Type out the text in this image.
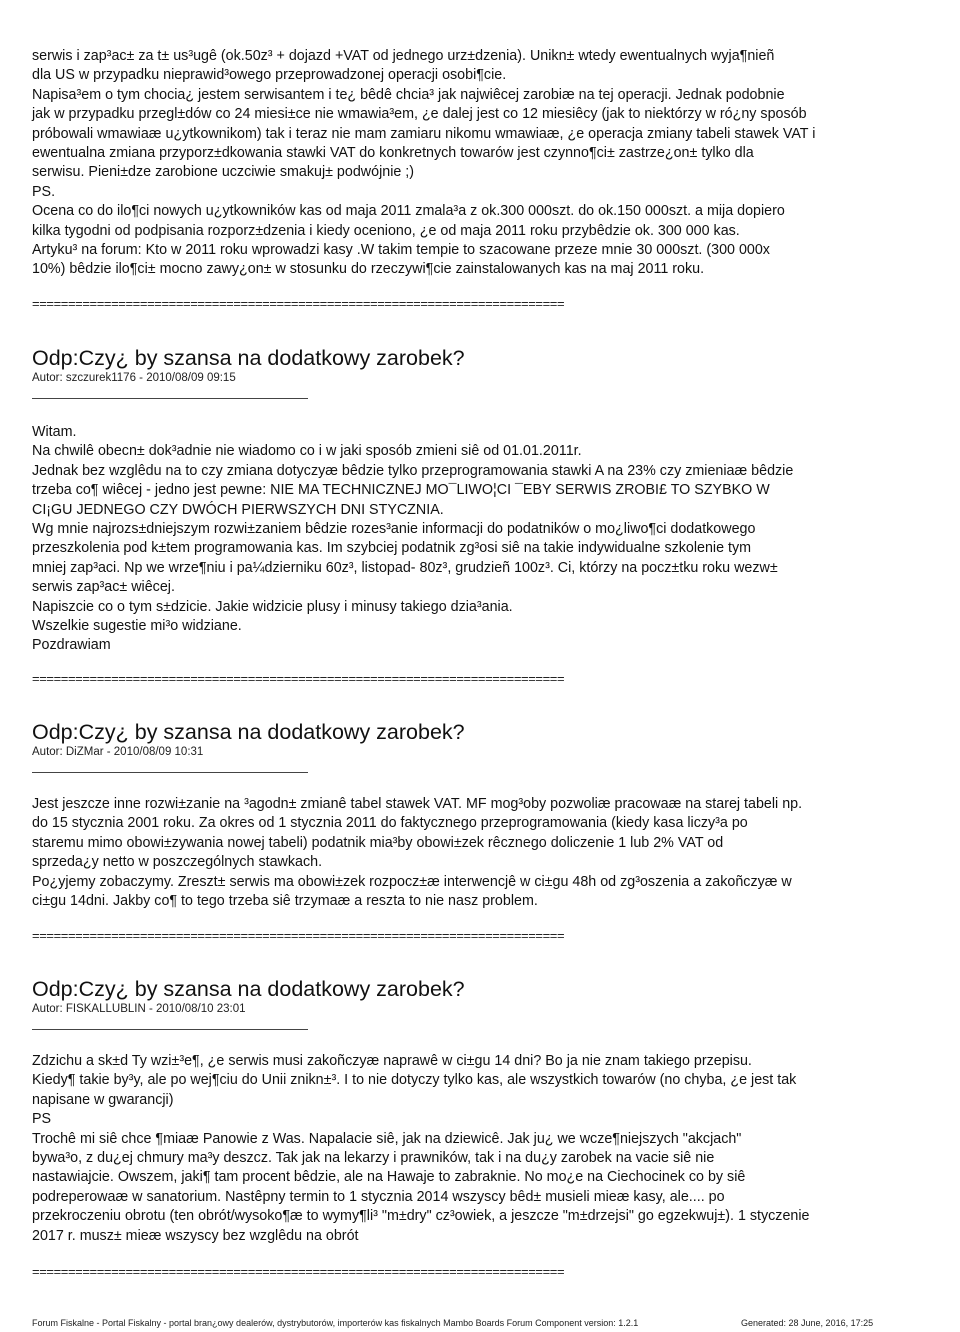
serwis i zap³ac± za t± us³ugê (ok.50z³ + dojazd +VAT od jednego urz±dzenia). Unikn± wtedy ewentualnych wyja¶nieñ
dla US w przypadku nieprawid³owego przeprowadzonej operacji osobi¶cie.
Napisa³em o tym chocia¿ jestem serwisantem i te¿ bêdê chcia³ jak najwiêcej zarobiæ na tej operacji. Jednak podobnie
jak w przypadku przegl±dów co 24 miesi±ce nie wmawia³em, ¿e dalej jest co 12 miesiêcy (jak to niektórzy w ró¿ny sposób
próbowali wmawiaæ u¿ytkownikom) tak i teraz nie mam zamiaru nikomu wmawiaæ, ¿e operacja zmiany tabeli stawek VAT i
ewentualna zmiana przyporz±dkowania stawki VAT do konkretnych towarów jest czynno¶ci± zastrze¿on± tylko dla
serwisu. Pieni±dze zarobione uczciwie smakuj± podwójnie ;)
PS.
Ocena co do ilo¶ci nowych u¿ytkowników kas od maja 2011 zmala³a z ok.300 000szt. do ok.150 000szt. a mija dopiero
kilka tygodni od podpisania rozporz±dzenia i kiedy oceniono, ¿e od maja 2011 roku przybêdzie ok. 300 000 kas.
Artyku³ na forum: Kto w 2011 roku wprowadzi kasy .W takim tempie to szacowane przeze mnie 30 000szt. (300 000x
10%) bêdzie ilo¶ci± mocno zawy¿on± w stosunku do rzeczywi¶cie zainstalowanych kas na maj 2011 roku.
==========================================================================
Odp:Czy¿ by szansa na dodatkowy zarobek?

Autor: szczurek1176 - 2010/08/09 09:15

Witam.
Na chwilê obecn± dok³adnie nie wiadomo co i w jaki sposób zmieni siê od 01.01.2011r.
Jednak bez wzglêdu na to czy zmiana dotyczyæ bêdzie tylko przeprogramowania stawki A na 23% czy zmieniaæ bêdzie
trzeba co¶ wiêcej - jedno jest pewne: NIE MA TECHNICZNEJ MO¯LIWO¦CI ¯EBY SERWIS ZROBI£ TO SZYBKO W
CI¡GU JEDNEGO CZY DWÓCH PIERWSZYCH DNI STYCZNIA.
Wg mnie najrozs±dniejszym rozwi±zaniem bêdzie rozes³anie informacji do podatników o mo¿liwo¶ci dodatkowego
przeszkolenia pod k±tem programowania kas. Im szybciej podatnik zg³osi siê na takie indywidualne szkolenie tym
mniej zap³aci. Np we wrze¶niu i pa¼dzierniku 60z³, listopad- 80z³, grudzieñ 100z³. Ci, którzy na pocz±tku roku wezw±
serwis zap³ac± wiêcej.
Napiszcie co o tym s±dzicie. Jakie widzicie plusy i minusy takiego dzia³ania.
Wszelkie sugestie mi³o widziane.
Pozdrawiam
==========================================================================
Odp:Czy¿ by szansa na dodatkowy zarobek?

Autor: DiZMar - 2010/08/09 10:31

Jest jeszcze inne rozwi±zanie na ³agodn± zmianê tabel stawek VAT. MF mog³oby pozwoliæ pracowaæ na starej tabeli np.
do 15 stycznia 2001 roku. Za okres od 1 stycznia 2011 do faktycznego przeprogramowania (kiedy kasa liczy³a po
staremu mimo obowi±zywania nowej tabeli) podatnik mia³by obowi±zek rêcznego doliczenie 1 lub 2% VAT od
sprzeda¿y netto w poszczególnych stawkach.
Po¿yjemy zobaczymy. Zreszt± serwis ma obowi±zek rozpocz±æ interwencjê w ci±gu 48h od zg³oszenia a zakoñczyæ w
ci±gu 14dni. Jakby co¶ to tego trzeba siê trzymaæ a reszta to nie nasz problem.
==========================================================================
Odp:Czy¿ by szansa na dodatkowy zarobek?

Autor: FISKALLUBLIN - 2010/08/10 23:01

Zdzichu a sk±d Ty wzi±³e¶, ¿e serwis musi zakoñczyæ naprawê w ci±gu 14 dni? Bo ja nie znam takiego przepisu.
Kiedy¶ takie by³y, ale po wej¶ciu do Unii znikn±³. I to nie dotyczy tylko kas, ale wszystkich towarów (no chyba, ¿e jest tak
napisane w gwarancji)
PS
Trochê mi siê chce ¶miaæ Panowie z Was. Napalacie siê, jak na dziewicê. Jak ju¿ we wcze¶niejszych "akcjach"
bywa³o, z du¿ej chmury ma³y deszcz. Tak jak na lekarzy i prawników, tak i na du¿y zarobek na vacie siê nie
nastawiajcie. Owszem, jaki¶ tam procent bêdzie, ale na Hawaje to zabraknie. No mo¿e na Ciechocinek co by siê
podreperowaæ w sanatorium. Nastêpny termin to 1 stycznia 2014 wszyscy bêd± musieli mieæ kasy, ale.... po
przekroczeniu obrotu (ten obrót/wysoko¶æ to wymy¶li³ "m±dry" cz³owiek, a jeszcze "m±drzejsi" go egzekwuj±). 1 styczenie
2017 r. musz± mieæ wszyscy bez wzglêdu na obrót
==========================================================================
Forum Fiskalne - Portal Fiskalny - portal bran¿owy dealerów, dystrybutorów, importerów kas fiskalnych Mambo Boards Forum Component version: 1.2.1	Generated: 28 June, 2016, 17:25
